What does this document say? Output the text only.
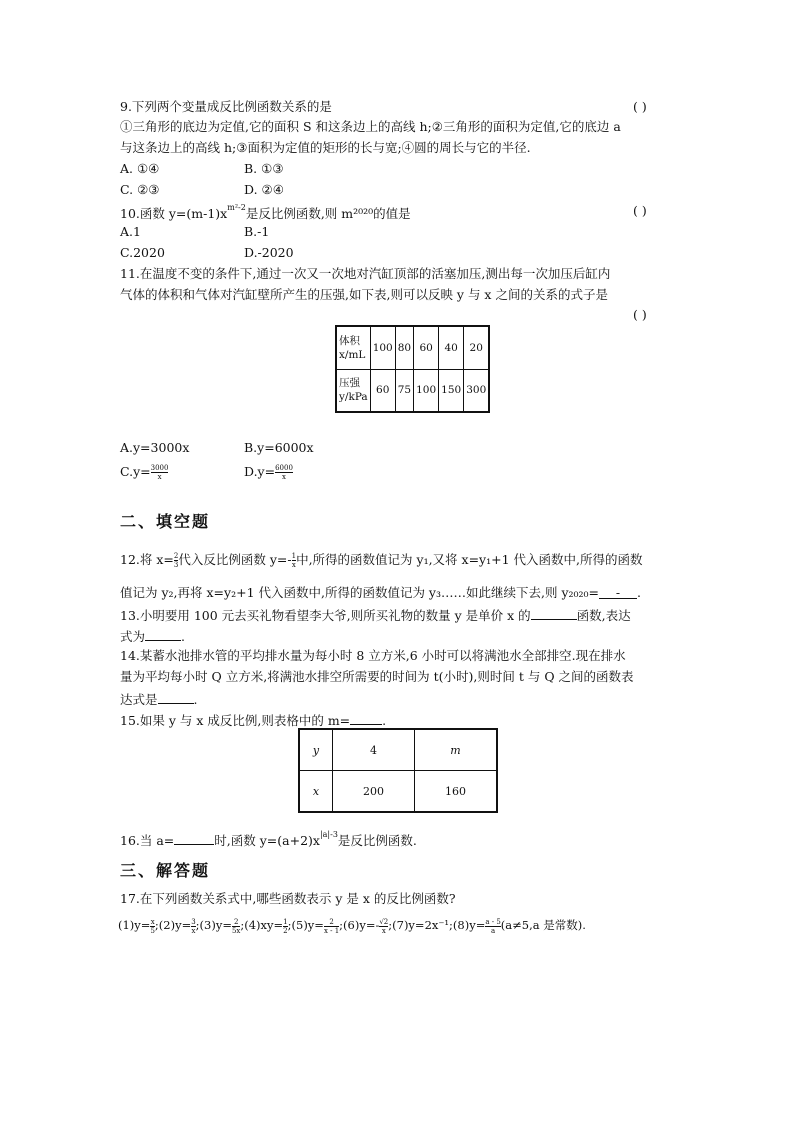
9.下列两个变量成反比例函数关系的是	( )
①三角形的底边为定值,它的面积 S 和这条边上的高线 h;②三角形的面积为定值,它的底边 a
与这条边上的高线 h;③面积为定值的矩形的长与宽;④圆的周长与它的半径.
A. ①④	B. ①③
C. ②③	D. ②④
10.函数 $y=(m-1)x^{m^2-2}$是反比例函数,则 m²⁰²⁰的值是	( )
A.1	B.-1
C.2020	D.-2020
11.在温度不变的条件下,通过一次又一次地对汽缸顶部的活塞加压,测出每一次加压后缸内
气体的体积和气体对汽缸壁所产生的压强,如下表,则可以反映 y 与 x 之间的关系的式子是
( )
体积
x/mL	100	80	60	40	20
压强
y/kPa	60	75	100	150	300
A.y=3000x	B.y=6000x
$C.y= \frac{3000}{x}$	$D.y= \frac{6000}{x}$
二、填空题
12.将 $x= \frac{2}{3}$ 代入反比例函数 $y=- \frac{1}{x}$ 中,所得的函数值记为 y₁,又将 x=y₁+1 代入函数中,所得的函数
值记为 y₂,再将 x=y₂+1 代入函数中,所得的函数值记为 y₃……如此继续下去,则 y₂₀₂₀=-.
13.小明要用 100 元去买礼物看望李大爷,则所买礼物的数量 y 是单价 x 的	函数,表达
式为	.
14.某蓄水池排水管的平均排水量为每小时 8 立方米,6 小时可以将满池水全部排空.现在排水
量为平均每小时 Q 立方米,将满池水排空所需要的时间为 t(小时),则时间 t 与 Q 之间的函数表
达式是	.
15.如果 y 与 x 成反比例,则表格中的 m=	.
y	4	m
x	200	160
16.当 a=	时,函数 $y=(a+2)x^{|a|-3}$是反比例函数.
三、解答题
17.在下列函数关系式中,哪些函数表示 y 是 x 的反比例函数?
$(1)y= \frac{x}{5}$ ;(2)y= $\frac{3}{x}$ ;(3)y= $\frac{2}{5x}$ ;(4)xy= $\frac{1}{2}$ ;(5)y= $\frac{2}{x - 1}$ ;(6)y=- $\frac{√2}{x}$ ;(7)y=2x⁻¹;(8)y= $\frac{a - 5}{a} (a\ne 5,a$ 是常数).
